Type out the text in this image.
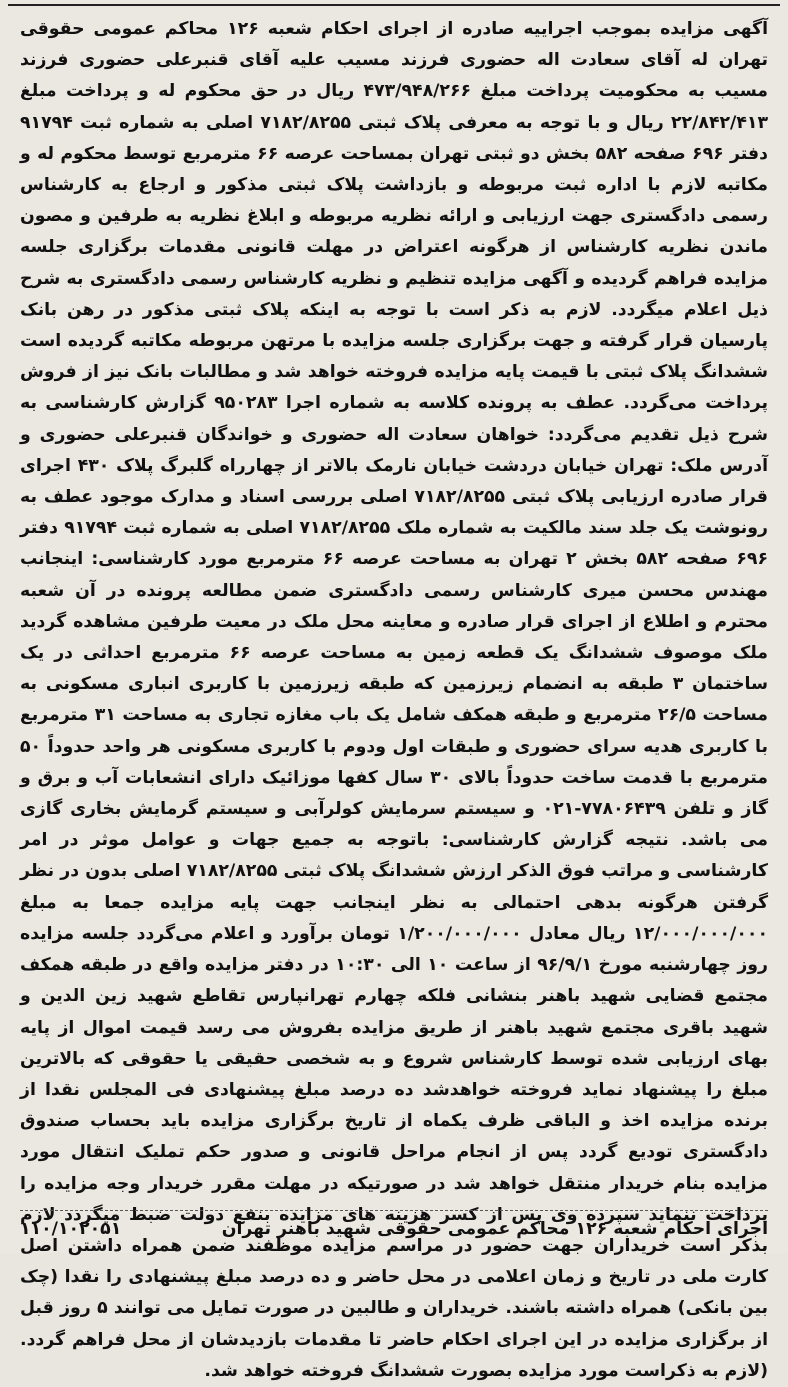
آگهی مزایده بموجب اجراییه صادره از اجرای احکام شعبه ۱۲۶ محاکم عمومی حقوقی تهران له آقای سعادت اله حضوری فرزند مسیب علیه آقای قنبرعلی حضوری فرزند مسیب به محکومیت پرداخت مبلغ ۴۷۳/۹۴۸/۲۶۶ ریال در حق محکوم له و پرداخت مبلغ ۲۲/۸۴۲/۴۱۳ ریال و با توجه به معرفی پلاک ثبتی ۷۱۸۲/۸۲۵۵ اصلی به شماره ثبت ۹۱۷۹۴ دفتر ۶۹۶ صفحه ۵۸۲ بخش دو ثبتی تهران بمساحت عرصه ۶۶ مترمربع توسط محکوم له و مکاتبه لازم با اداره ثبت مربوطه و بازداشت پلاک ثبتی مذکور و ارجاع به کارشناس رسمی دادگستری جهت ارزیابی و ارائه نظریه مربوطه و ابلاغ نظریه به طرفین و مصون ماندن نظریه کارشناس از هرگونه اعتراض در مهلت قانونی مقدمات برگزاری جلسه مزایده فراهم گردیده و آگهی مزایده تنظیم و نظریه کارشناس رسمی دادگستری به شرح ذیل اعلام میگردد. لازم به ذکر است با توجه به اینکه پلاک ثبتی مذکور در رهن بانک پارسیان قرار گرفته و جهت برگزاری جلسه مزایده با مرتهن مربوطه مکاتبه گردیده است ششدانگ پلاک ثبتی با قیمت پایه مزایده فروخته خواهد شد و مطالبات بانک نیز از فروش پرداخت می‌گردد. عطف به پرونده کلاسه به شماره اجرا ۹۵۰۲۸۳ گزارش کارشناسی به شرح ذیل تقدیم می‌گردد: خواهان سعادت اله حضوری و خواندگان قنبرعلی حضوری و آدرس ملک: تهران خیابان دردشت خیابان نارمک بالاتر از چهارراه گلبرگ پلاک ۴۳۰ اجرای قرار صادره ارزیابی پلاک ثبتی ۷۱۸۲/۸۲۵۵ اصلی بررسی اسناد و مدارک موجود عطف به رونوشت یک جلد سند مالکیت به شماره ملک ۷۱۸۲/۸۲۵۵ اصلی به شماره ثبت ۹۱۷۹۴ دفتر ۶۹۶ صفحه ۵۸۲ بخش ۲ تهران به مساحت عرصه ۶۶ مترمربع مورد کارشناسی: اینجانب مهندس محسن میری کارشناس رسمی دادگستری ضمن مطالعه پرونده در آن شعبه محترم و اطلاع از اجرای قرار صادره و معاینه محل ملک در معیت طرفین مشاهده گردید ملک موصوف ششدانگ یک قطعه زمین به مساحت عرصه ۶۶ مترمربع احداثی در یک ساختمان ۳ طبقه به انضمام زیرزمین که طبقه زیرزمین با کاربری انباری مسکونی به مساحت ۲۶/۵ مترمربع و طبقه همکف شامل یک باب مغازه تجاری به مساحت ۳۱ مترمربع با کاربری هدیه سرای حضوری و طبقات اول ودوم با کاربری مسکونی هر واحد حدوداً ۵۰ مترمربع با قدمت ساخت حدوداً بالای ۳۰ سال کفها موزائیک دارای انشعابات آب و برق و گاز و تلفن ۷۷۸۰۶۴۳۹-۰۲۱ و سیستم سرمایش کولرآبی و سیستم گرمایش بخاری گازی می باشد. نتیجه گزارش کارشناسی: باتوجه به جمیع جهات و عوامل موثر در امر کارشناسی و مراتب فوق الذکر ارزش ششدانگ پلاک ثبتی ۷۱۸۲/۸۲۵۵ اصلی بدون در نظر گرفتن هرگونه بدهی احتمالی به نظر اینجانب جهت پایه مزایده جمعا به مبلغ ۱۲/۰۰۰/۰۰۰/۰۰۰ ریال معادل ۱/۲۰۰/۰۰۰/۰۰۰ تومان برآورد و اعلام می‌گردد جلسه مزایده روز چهارشنبه مورخ ۹۶/۹/۱ از ساعت ۱۰ الی ۱۰:۳۰ در دفتر مزایده واقع در طبقه همکف مجتمع قضایی شهید باهنر بنشانی فلکه چهارم تهرانپارس تقاطع شهید زین الدین و شهید باقری مجتمع شهید باهنر از طریق مزایده بفروش می رسد قیمت اموال از پایه بهای ارزیابی شده توسط کارشناس شروع و به شخصی حقیقی یا حقوقی که بالاترین مبلغ را پیشنهاد نماید فروخته خواهدشد ده درصد مبلغ پیشنهادی فی المجلس نقدا از برنده مزایده اخذ و الباقی ظرف یکماه از تاریخ برگزاری مزایده باید بحساب صندوق دادگستری تودیع گردد پس از انجام مراحل قانونی و صدور حکم تملیک انتقال مورد مزایده بنام خریدار منتقل خواهد شد در صورتیکه در مهلت مقرر خریدار وجه مزایده را پرداخت ننماید سپرده وی پس از کسر هزینه های مزایده بنفع دولت ضبط میگردد لازم بذکر است خریداران جهت حضور در مراسم مزایده موظفند ضمن همراه داشتن اصل کارت ملی در تاریخ و زمان اعلامی در محل حاضر و ده درصد مبلغ پیشنهادی را نقدا (چک بین بانکی) همراه داشته باشند. خریداران و طالبین در صورت تمایل می توانند ۵ روز قبل از برگزاری مزایده در این اجرای احکام حاضر تا مقدمات بازدیدشان از محل فراهم گردد. (لازم به ذکراست مورد مزایده بصورت ششدانگ فروخته خواهد شد.

اجرای احکام شعبه ۱۲۶ محاکم عمومی حقوقی شهید باهنر تهران
۱۱۰/۱۰۲۰۵۱
